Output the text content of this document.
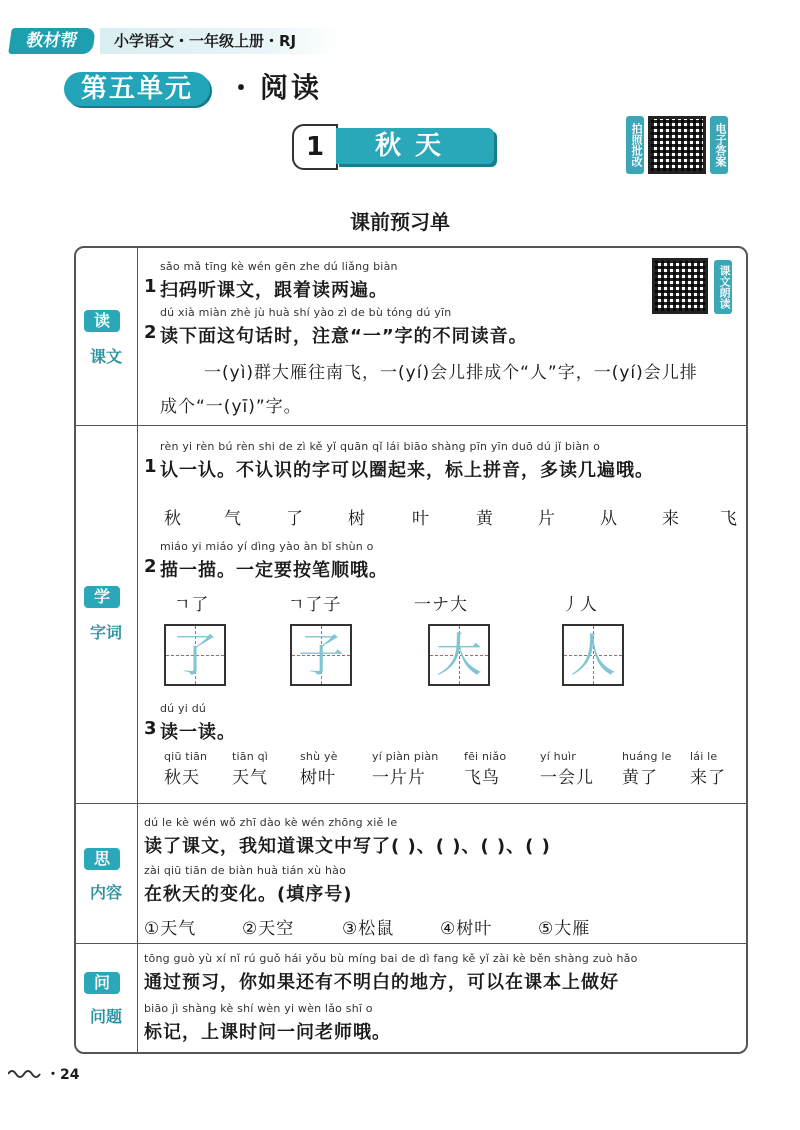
教材帮	小学语文・一年级上册・RJ
第五单元	・ 阅读
1	秋天	拍照批改	电子答案
课前预习单
读
课文
sǎo mǎ tīng kè wén gēn zhe dú liǎng biàn
1 扫码听课文，跟着读两遍。
dú xià miàn zhè jù huà shí yào zì de bù tóng dú yīn
2 读下面这句话时，注意“一”字的不同读音。
一(yì)群大雁往南飞，一(yí)会儿排成个“人”字，一(yí)会儿排
成个“一(yī)”字。
课文朗读
学
字词
rèn yi rèn bú rèn shi de zì kě yǐ quān qǐ lái biāo shàng pīn yīn duō dú jǐ biàn o
1 认一认。不认识的字可以圈起来，标上拼音，多读几遍哦。
秋 气	了	树	叶	黄	片	从	来 飞
miáo yi miáo yí dìng yào àn bǐ shùn o
2 描一描。一定要按笔顺哦。
ㄱ了	ㄱ了子	一ナ大	丿人
了 子 大 人
dú yi dú
3 读一读。
qiū tiān
秋天
tiān qì
天气
shù yè
树叶
yí piàn piàn
一片片
fēi niǎo
飞鸟
yí huìr
一会儿
huáng le
黄了
lái le
来了
思
内容
dú le kè wén wǒ zhī dào kè wén zhōng xiě le
读了课文，我知道课文中写了( )、( )、( )、( )
zài qiū tiān de biàn huà tián xù hào
在秋天的变化。(填序号)
①天气	②天空	③松鼠	④树叶	⑤大雁
问
问题
tōng guò yù xí nǐ rú guǒ hái yǒu bù míng bai de dì fang kě yǐ zài kè běn shàng zuò hǎo
通过预习，你如果还有不明白的地方，可以在课本上做好
biāo jì shàng kè shí wèn yi wèn lǎo shī o
标记，上课时问一问老师哦。
・24
